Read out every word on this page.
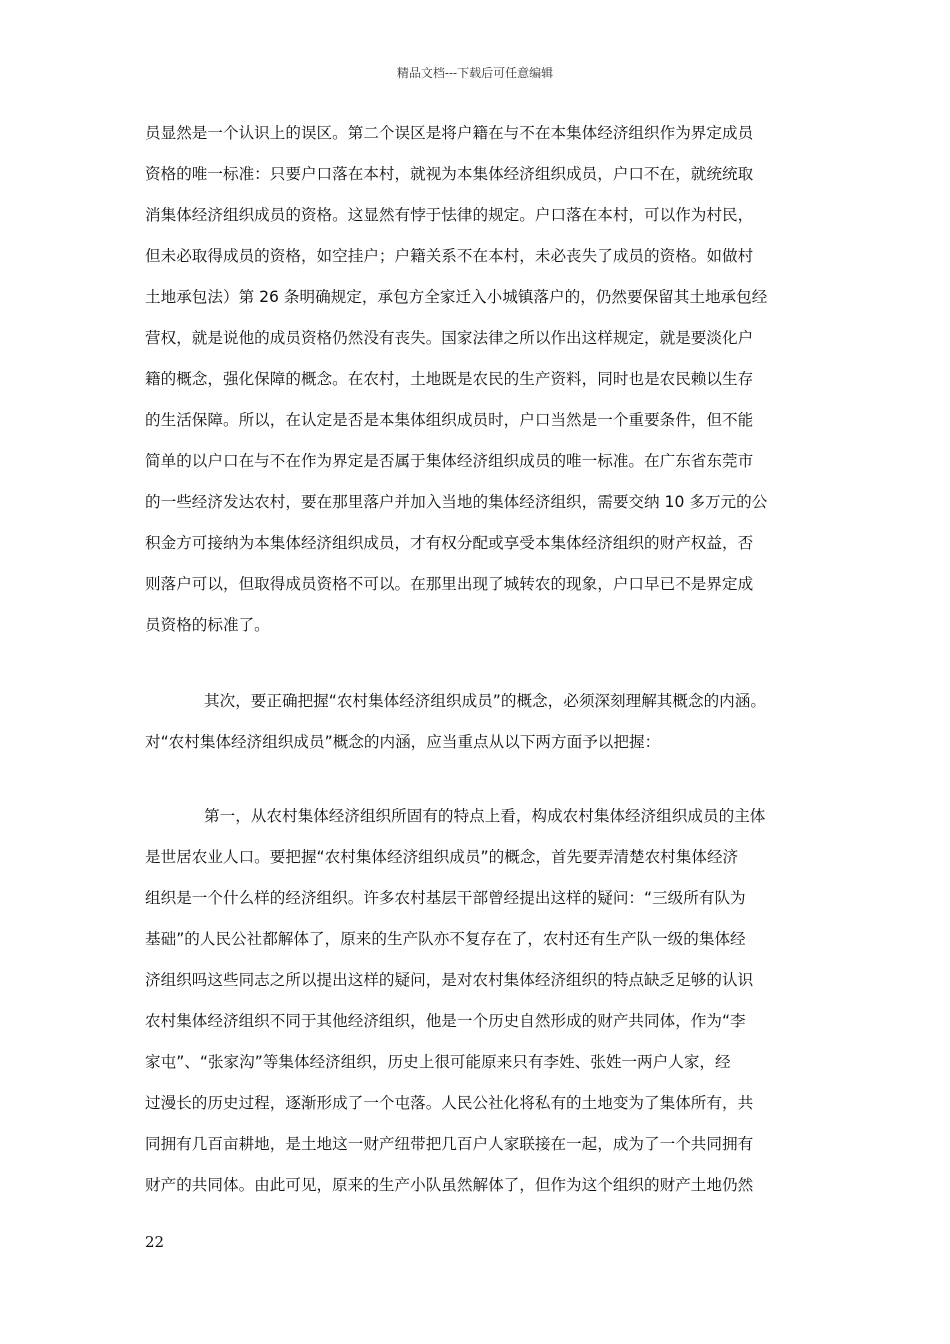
精品文档---下载后可任意编辑
员显然是一个认识上的误区。第二个误区是将户籍在与不在本集体经济组织作为界定成员
资格的唯一标准：只要户口落在本村，就视为本集体经济组织成员，户口不在，就统统取
消集体经济组织成员的资格。这显然有悖于怯律的规定。户口落在本村，可以作为村民，
但未必取得成员的资格，如空挂户；户籍关系不在本村，未必丧失了成员的资格。如做村
土地承包法）第 26 条明确规定，承包方全家迁入小城镇落户的，仍然要保留其土地承包经
营权，就是说他的成员资格仍然没有丧失。国家法律之所以作出这样规定，就是要淡化户
籍的概念，强化保障的概念。在农村，土地既是农民的生产资料，同时也是农民赖以生存
的生活保障。所以，在认定是否是本集体组织成员时，户口当然是一个重要条件，但不能
简单的以户口在与不在作为界定是否属于集体经济组织成员的唯一标准。在广东省东莞市
的一些经济发达农村，要在那里落户并加入当地的集体经济组织，需要交纳 10 多万元的公
积金方可接纳为本集体经济组织成员，才有权分配或享受本集体经济组织的财产权益，否
则落户可以，但取得成员资格不可以。在那里出现了城转农的现象，户口早已不是界定成
员资格的标准了。
其次，要正确把握“农村集体经济组织成员”的概念，必须深刻理解其概念的内涵。
对“农村集体经济组织成员”概念的内涵，应当重点从以下两方面予以把握：
第一，从农村集体经济组织所固有的特点上看，构成农村集体经济组织成员的主体
是世居农业人口。要把握“农村集体经济组织成员”的概念，首先要弄清楚农村集体经济
组织是一个什么样的经济组织。许多农村基层干部曾经提出这样的疑问：“三级所有队为
基础”的人民公社都解体了，原来的生产队亦不复存在了，农村还有生产队一级的集体经
济组织吗这些同志之所以提出这样的疑问，是对农村集体经济组织的特点缺乏足够的认识
农村集体经济组织不同于其他经济组织，他是一个历史自然形成的财产共同体，作为“李
家屯”、“张家沟”等集体经济组织，历史上很可能原来只有李姓、张姓一两户人家，经
过漫长的历史过程，逐渐形成了一个屯落。人民公社化将私有的土地变为了集体所有，共
同拥有几百亩耕地，是土地这一财产纽带把几百户人家联接在一起，成为了一个共同拥有
财产的共同体。由此可见，原来的生产小队虽然解体了，但作为这个组织的财产土地仍然
22
